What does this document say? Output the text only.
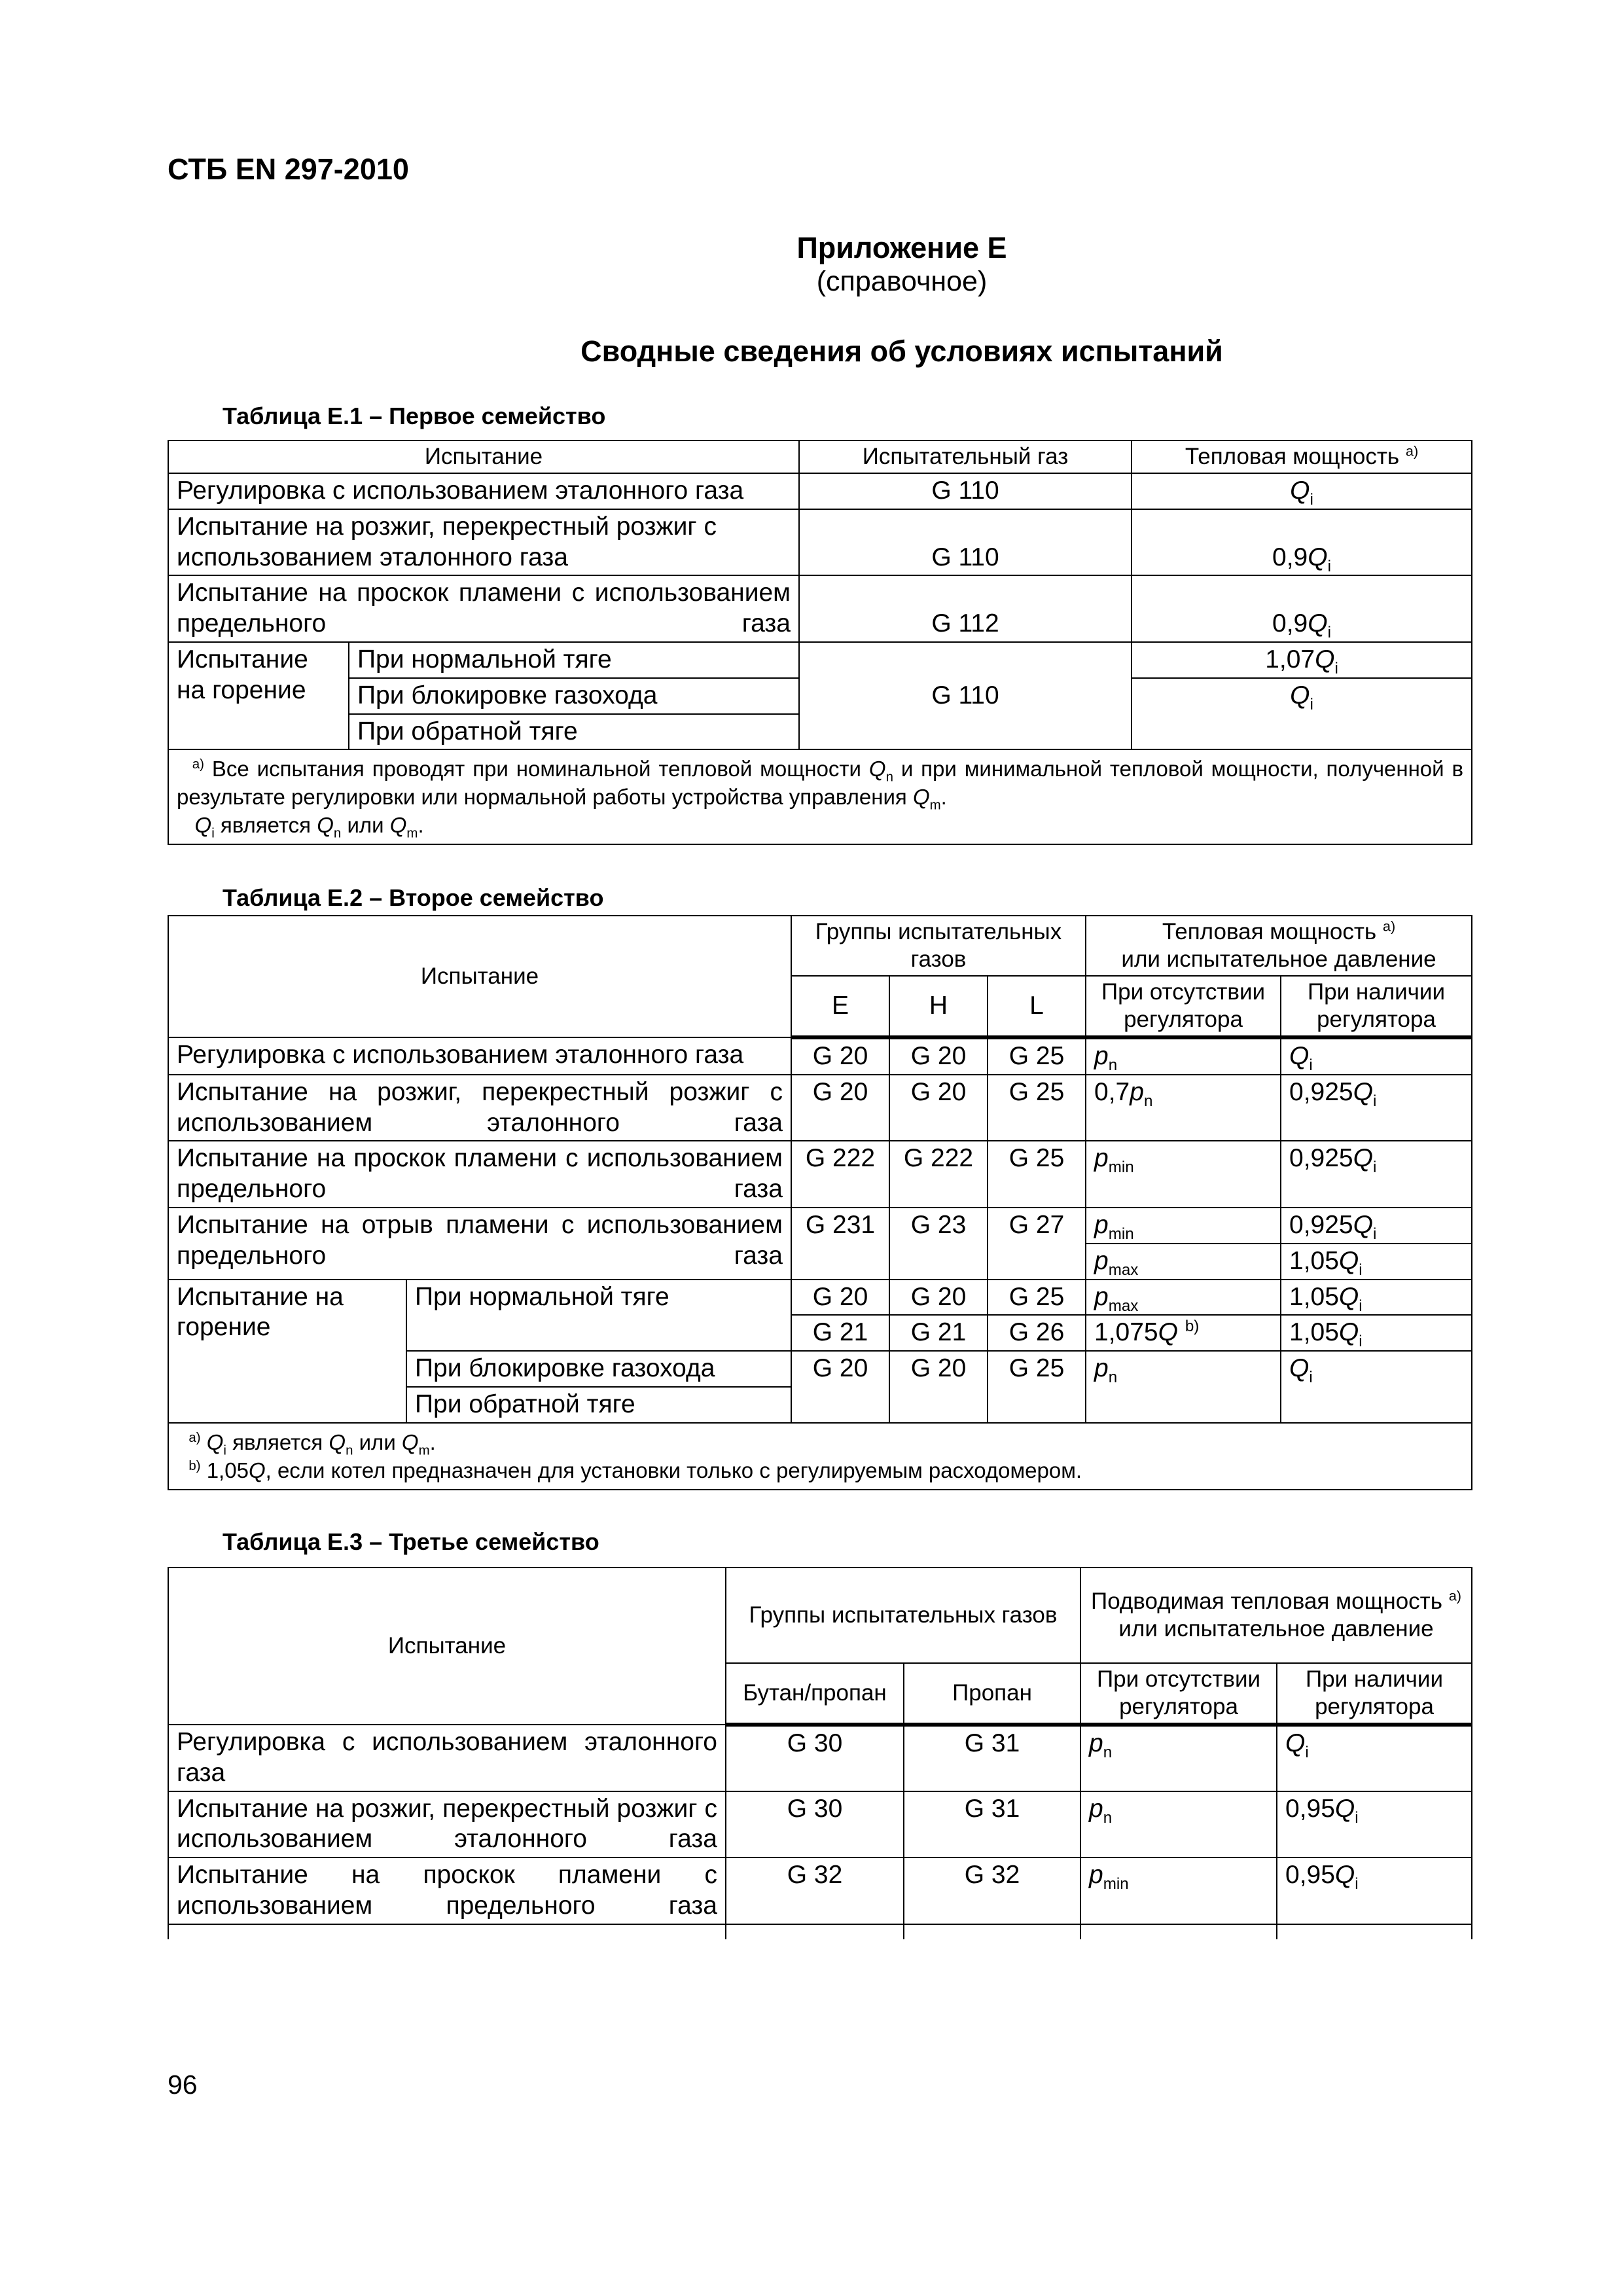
СТБ EN 297-2010
Приложение Е
(справочное)
Сводные сведения об условиях испытаний
Таблица Е.1 – Первое семейство
Испытание		Испытательный газ	Тепловая мощность $^{a)}$
Регулировка с использованием эталонного газа		G 110	$Q_i$
Испытание на розжиг, перекрестный розжиг с использованием эталонного газа		G 110	$0,9Q_i$
Испытание на проскок пламени с использованием предельного газа		G 112	$0,9Q_i$
Испытание на горение	При нормальной тяге	G 110	$1,07Q_i$
	При блокировке газохода		$Q_i$
	При обратной тяге		

$^{a)}$ Все испытания проводят при номинальной тепловой мощности $Q_n$ и при минимальной тепловой мощности, полученной в результате регулировки или нормальной работы устройства управления $Q_m$.
$Q_i$ является $Q_n$ или $Q_m$.			
Таблица Е.2 – Второе семейство
Испытание		Группы испытательных газов			Тепловая мощность $^{a)}$
или испытательное давление	
		E	H	L	При отсутствии регулятора	При наличии регулятора
Регулировка с использованием эталонного газа		G 20	G 20	G 25	$p_n$	$Q_i$
Испытание на розжиг, перекрестный розжиг с использованием эталонного газа		G 20	G 20	G 25	$0,7p_n$	$0,925Q_i$
Испытание на проскок пламени с использованием предельного газа		G 222	G 222	G 25	$p_{min}$	$0,925Q_i$
Испытание на отрыв пламени с использованием предельного газа		G 231	G 23	G 27	$p_{min}$	$0,925Q_i$
					$p_{max}$	$1,05Q_i$
Испытание на горение	При нормальной тяге	G 20	G 20	G 25	$p_{max}$	$1,05Q_i$
		G 21	G 21	G 26	1,075Q $^{b)}$	$1,05Q_i$
	При блокировке газохода	G 20	G 20	G 25	$p_n$	$Q_i$
	При обратной тяге					

$^{a)}$ $Q_i$ является $Q_n$ или $Q_m$.
$^{b)}$ 1,05Q, если котел предназначен для установки только с регулируемым расходомером.						
Таблица Е.3 – Третье семейство
Испытание	Группы испытательных газов		Подводимая тепловая мощность $^{a)}$
или испытательное давление	
	Бутан/пропан	Пропан	При отсутствии регулятора	При наличии регулятора
Регулировка с использованием эталонного газа	G 30	G 31	$p_n$	$Q_i$
Испытание на розжиг, перекрестный розжиг с использованием эталонного газа	G 30	G 31	$p_n$	$0,95Q_i$
Испытание на проскок пламени с использованием предельного газа	G 32	G 32	$p_{min}$	$0,95Q_i$

96
